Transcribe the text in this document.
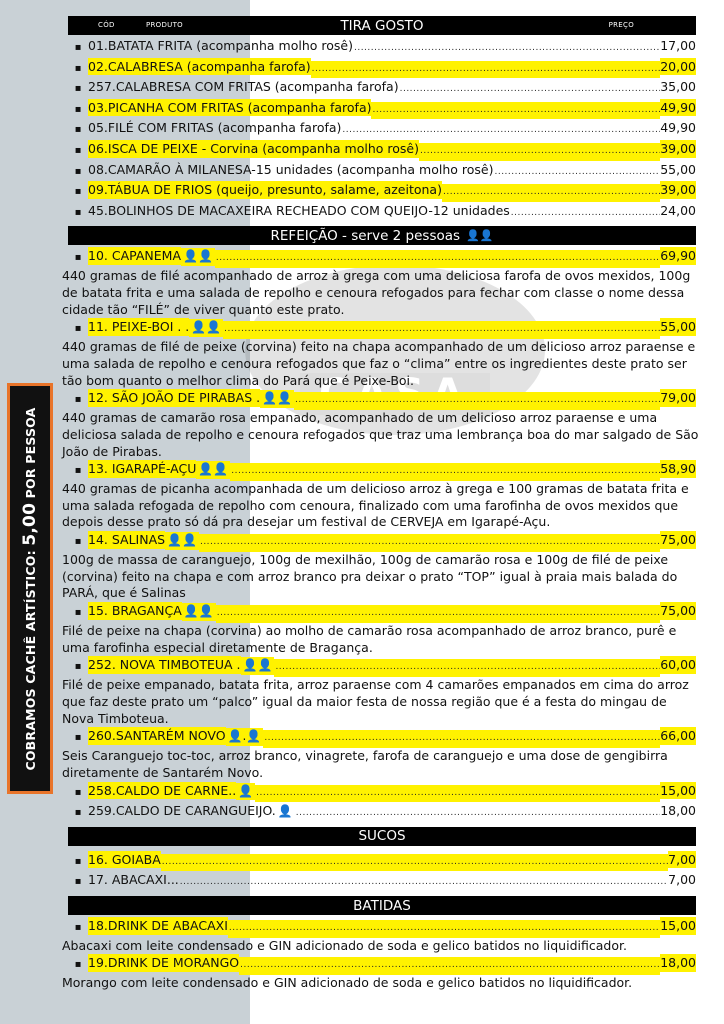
COBRAMOS CACHÊ ARTÍSTICO: 5,00 POR PESSOA
CÓD	PRODUTO	TIRA GOSTO	PREÇO
▪ 01.BATATA FRITA (acompanha molho rosê) .....	17,00
▪ 02.CALABRESA (acompanha farofa) .....	20,00
▪ 257.CALABRESA COM FRITAS (acompanha farofa) .....	35,00
▪ 03.PICANHA COM FRITAS (acompanha farofa) .....	49,90
▪ 05.FILÉ COM FRITAS (acompanha farofa) .....	49,90
▪ 06.ISCA DE PEIXE - Corvina (acompanha molho rosê) .....	39,00
▪ 08.CAMARÃO À MILANESA-15 unidades (acompanha molho rosê) .....	55,00
▪ 09.TÁBUA DE FRIOS (queijo, presunto, salame, azeitona) .....	39,00
▪ 45.BOLINHOS DE MACAXEIRA RECHEADO COM QUEIJO-12 unidades .....	24,00
REFEIÇÃO - serve 2 pessoas 👤👤
▪ 10. CAPANEMA 👤👤 .....	69,90
440 gramas de filé acompanhado de arroz à grega com uma deliciosa farofa de ovos mexidos, 100g de batata frita e uma salada de repolho e cenoura refogados para fechar com classe o nome dessa cidade tão “FILÉ” de viver quanto este prato.
▪ 11. PEIXE-BOI . . 👤👤 .....	55,00
440 gramas de filé de peixe (corvina) feito na chapa acompanhado de um delicioso arroz paraense e uma salada de repolho e cenoura refogados que faz o “clima” entre os ingredientes deste prato ser tão bom quanto o melhor clima do Pará que é Peixe-Boi.
▪ 12. SÃO JOÃO DE PIRABAS . 👤👤 .....	79,00
440 gramas de camarão rosa empanado, acompanhado de um delicioso arroz paraense e uma deliciosa salada de repolho e cenoura refogados que traz uma lembrança boa do mar salgado de São João de Pirabas.
▪ 13. IGARAPÉ-AÇU 👤👤 .....	58,90
440 gramas de picanha acompanhada de um delicioso arroz à grega e 100 gramas de batata frita e uma salada refogada de repolho com cenoura, finalizado com uma farofinha de ovos mexidos que depois desse prato só dá pra desejar um festival de CERVEJA em Igarapé-Açu.
▪ 14. SALINAS 👤👤 .....	75,00
100g de massa de caranguejo, 100g de mexilhão, 100g de camarão rosa e 100g de filé de peixe (corvina) feito na chapa e com arroz branco pra deixar o prato “TOP” igual à praia mais balada do PARÁ, que é Salinas
▪ 15. BRAGANÇA 👤👤 .....	75,00
Filé de peixe na chapa (corvina) ao molho de camarão rosa acompanhado de arroz branco, purê e uma farofinha especial diretamente de Bragança.
▪ 252. NOVA TIMBOTEUA . 👤👤 .....	60,00
Filé de peixe empanado, batata frita, arroz paraense com 4 camarões empanados em cima do arroz que faz deste prato um “palco” igual da maior festa de nossa região que é a festa do mingau de Nova Timboteua.
▪ 260.SANTARÉM NOVO 👤.👤 .....	66,00
Seis Caranguejo toc-toc, arroz branco, vinagrete, farofa de caranguejo e uma dose de gengibirra diretamente de Santarém Novo.
▪ 258.CALDO DE CARNE.. 👤 .....	15,00
▪ 259.CALDO DE CARANGUEIJO. 👤 .....	18,00
SUCOS
▪ 16. GOIABA .....	7,00
▪ 17. ABACAXI... .....	7,00
BATIDAS
▪ 18.DRINK DE ABACAXI .....	15,00
Abacaxi com leite condensado e GIN adicionado de soda e gelico batidos no liquidificador.
▪ 19.DRINK DE MORANGO .....	18,00
Morango com leite condensado e GIN adicionado de soda e gelico batidos no liquidificador.
